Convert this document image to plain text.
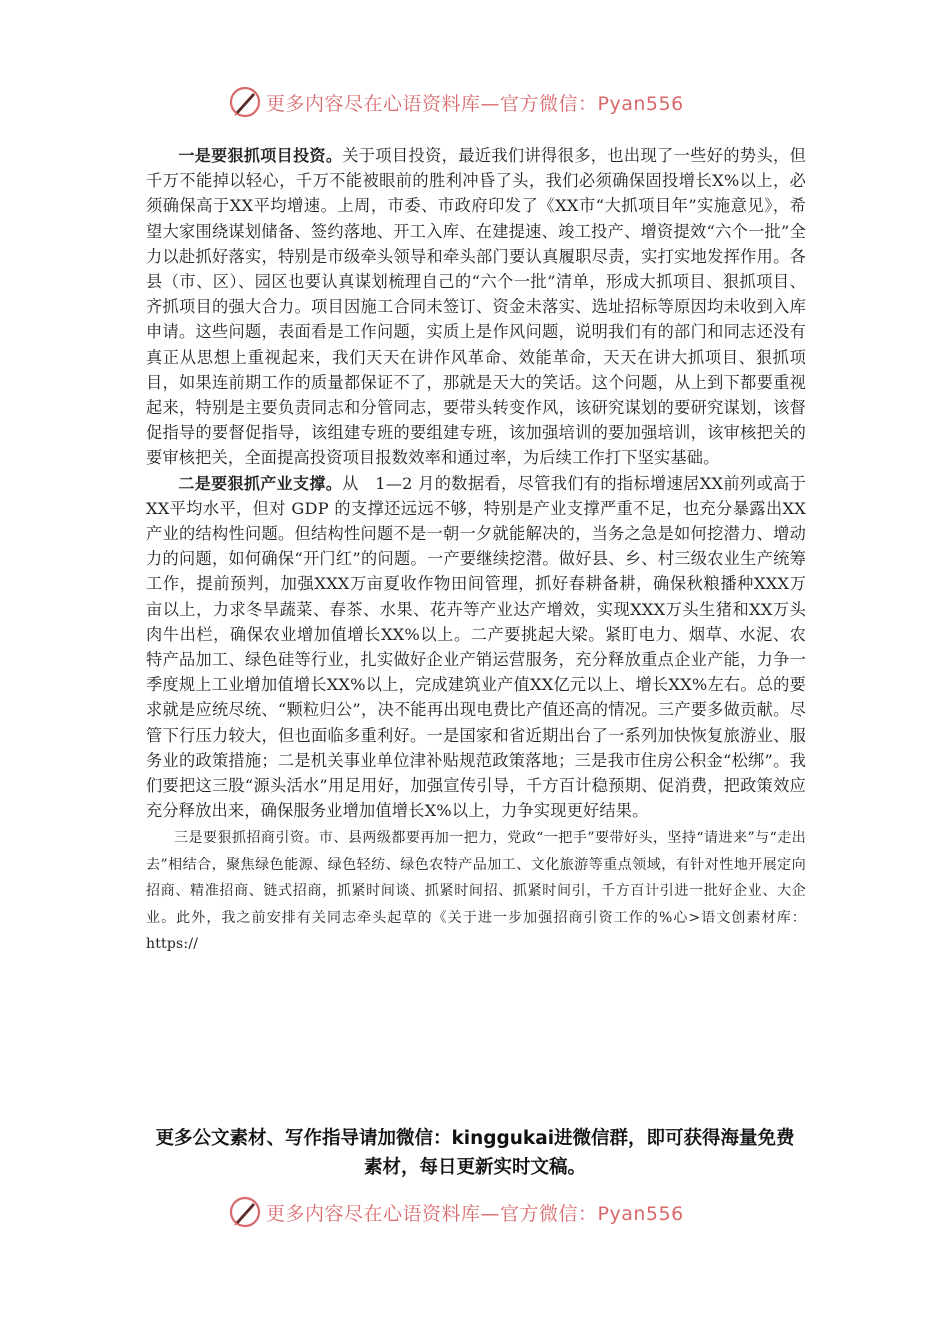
更多内容尽在心语资料库—官方微信：Pyan556

一是要狠抓项目投资。关于项目投资，最近我们讲得很多，也出现了一些好的势头，但千万不能掉以轻心，千万不能被眼前的胜利冲昏了头，我们必须确保固投增长X%以上，必须确保高于XX平均增速。上周，市委、市政府印发了《XX市“大抓项目年”实施意见》，希望大家围绕谋划储备、签约落地、开工入库、在建提速、竣工投产、增资提效“六个一批”全力以赴抓好落实，特别是市级牵头领导和牵头部门要认真履职尽责，实打实地发挥作用。各县（市、区）、园区也要认真谋划梳理自己的“六个一批”清单，形成大抓项目、狠抓项目、齐抓项目的强大合力。项目因施工合同未签订、资金未落实、选址招标等原因均未收到入库申请。这些问题，表面看是工作问题，实质上是作风问题，说明我们有的部门和同志还没有真正从思想上重视起来，我们天天在讲作风革命、效能革命，天天在讲大抓项目、狠抓项目，如果连前期工作的质量都保证不了，那就是天大的笑话。这个问题，从上到下都要重视起来，特别是主要负责同志和分管同志，要带头转变作风，该研究谋划的要研究谋划，该督促指导的要督促指导，该组建专班的要组建专班，该加强培训的要加强培训，该审核把关的要审核把关，全面提高投资项目报数效率和通过率，为后续工作打下坚实基础。

二是要狠抓产业支撑。从　1—2 月的数据看，尽管我们有的指标增速居XX前列或高于XX平均水平，但对 GDP 的支撑还远远不够，特别是产业支撑严重不足，也充分暴露出XX产业的结构性问题。但结构性问题不是一朝一夕就能解决的，当务之急是如何挖潜力、增动力的问题，如何确保“开门红”的问题。一产要继续挖潜。做好县、乡、村三级农业生产统筹工作，提前预判，加强XXX万亩夏收作物田间管理，抓好春耕备耕，确保秋粮播种XXX万亩以上，力求冬旱蔬菜、春茶、水果、花卉等产业达产增效，实现XXX万头生猪和XX万头肉牛出栏，确保农业增加值增长XX%以上。二产要挑起大梁。紧盯电力、烟草、水泥、农特产品加工、绿色硅等行业，扎实做好企业产销运营服务，充分释放重点企业产能，力争一季度规上工业增加值增长XX%以上，完成建筑业产值XX亿元以上、增长XX%左右。总的要求就是应统尽统、“颗粒归公”，决不能再出现电费比产值还高的情况。三产要多做贡献。尽管下行压力较大，但也面临多重利好。一是国家和省近期出台了一系列加快恢复旅游业、服务业的政策措施；二是机关事业单位津补贴规范政策落地；三是我市住房公积金“松绑”。我们要把这三股“源头活水”用足用好，加强宣传引导，千方百计稳预期、促消费，把政策效应充分释放出来，确保服务业增加值增长X%以上，力争实现更好结果。

三是要狠抓招商引资。市、县两级都要再加一把力，党政“一把手”要带好头，坚持“请进来”与“走出去”相结合，聚焦绿色能源、绿色轻纺、绿色农特产品加工、文化旅游等重点领域，有针对性地开展定向招商、精准招商、链式招商，抓紧时间谈、抓紧时间招、抓紧时间引，千方百计引进一批好企业、大企业。此外，我之前安排有关同志牵头起草的《关于进一步加强招商引资工作的%心>语文创素材库：https://

更多公文素材、写作指导请加微信：kinggukai进微信群，即可获得海量免费素材，每日更新实时文稿。
更多内容尽在心语资料库—官方微信：Pyan556
